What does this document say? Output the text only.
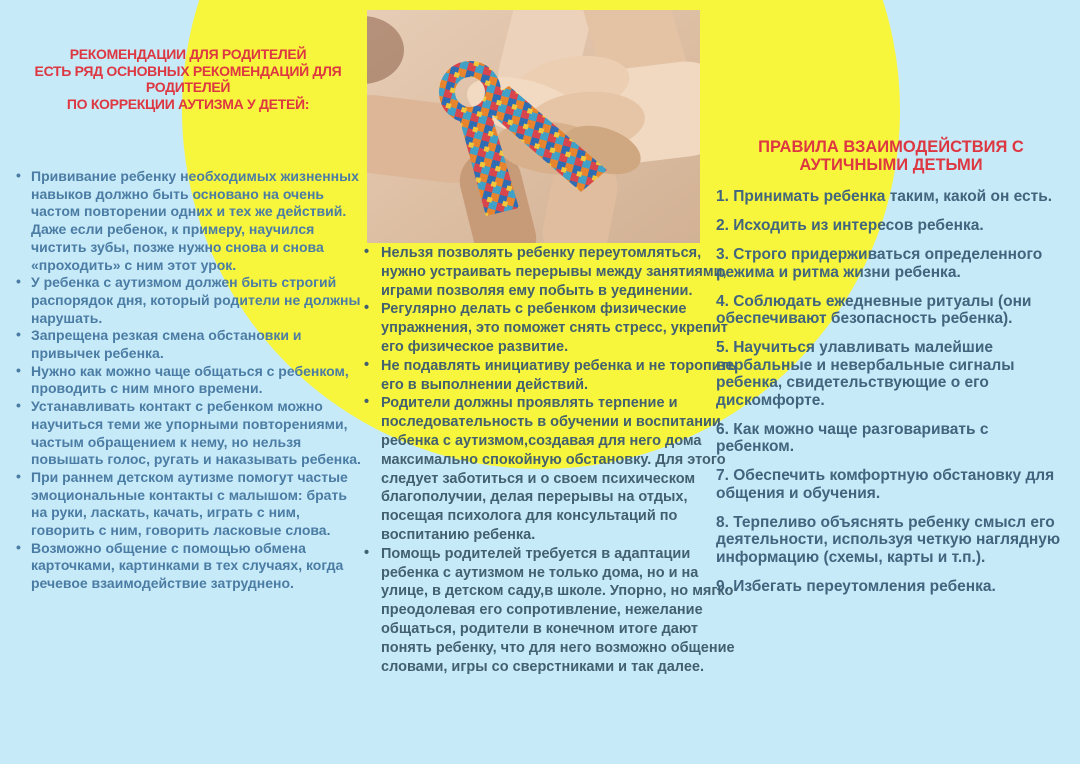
РЕКОМЕНДАЦИИ ДЛЯ РОДИТЕЛЕЙ
ЕСТЬ РЯД ОСНОВНЫХ РЕКОМЕНДАЦИЙ ДЛЯ
РОДИТЕЛЕЙ
ПО КОРРЕКЦИИ АУТИЗМА У ДЕТЕЙ:
• Прививание ребенку необходимых жизненных навыков должно быть основано на очень частом повторении одних и тех же действий. Даже если ребенок, к примеру, научился чистить зубы, позже нужно снова и снова «проходить» с ним этот урок.
• У ребенка с аутизмом должен быть строгий распорядок дня, который родители не должны нарушать.
• Запрещена резкая смена обстановки и привычек ребенка.
• Нужно как можно чаще общаться с ребенком, проводить с ним много времени.
• Устанавливать контакт с ребенком можно научиться теми же упорными повторениями, частым обращением к нему, но нельзя повышать голос, ругать и наказывать ребенка.
• При раннем детском аутизме помогут частые эмоциональные контакты с малышом: брать на руки, ласкать, качать, играть с ним, говорить с ним, говорить ласковые слова.
• Возможно общение с помощью обмена карточками, картинками в тех случаях, когда речевое взаимодействие затруднено.
• Нельзя позволять ребенку переутомляться, нужно устраивать перерывы между занятиями, играми позволяя ему побыть в уединении.
• Регулярно делать с ребенком физические упражнения, это поможет снять стресс, укрепит его физическое развитие.
• Не подавлять инициативу ребенка и не торопить его в выполнении действий.
• Родители должны проявлять терпение и последовательность в обучении и воспитании ребенка с аутизмом,создавая для него дома максимально спокойную обстановку. Для этого следует заботиться и о своем психическом благополучии, делая перерывы на отдых, посещая психолога для консультаций по воспитанию ребенка.
• Помощь родителей требуется в адаптации ребенка с аутизмом не только дома, но и на улице, в детском саду,в школе. Упорно, но мягко преодолевая его сопротивление, нежелание общаться, родители в конечном итоге дают понять ребенку, что для него возможно общение словами, игры со сверстниками и так далее.
ПРАВИЛА ВЗАИМОДЕЙСТВИЯ С АУТИЧНЫМИ ДЕТЬМИ
1. Принимать ребенка таким, какой он есть.
2. Исходить из интересов ребенка.
3. Строго придерживаться определенного режима и ритма жизни ребенка.
4. Соблюдать ежедневные ритуалы (они обеспечивают безопасность ребенка).
5. Научиться улавливать малейшие вербальные и невербальные сигналы ребенка, свидетельствующие о его дискомфорте.
6. Как можно чаще разговаривать с ребенком.
7. Обеспечить комфортную обстановку для общения и обучения.
8. Терпеливо объяснять ребенку смысл его деятельности, используя четкую наглядную информацию (схемы, карты и т.п.).
9. Избегать переутомления ребенка.
